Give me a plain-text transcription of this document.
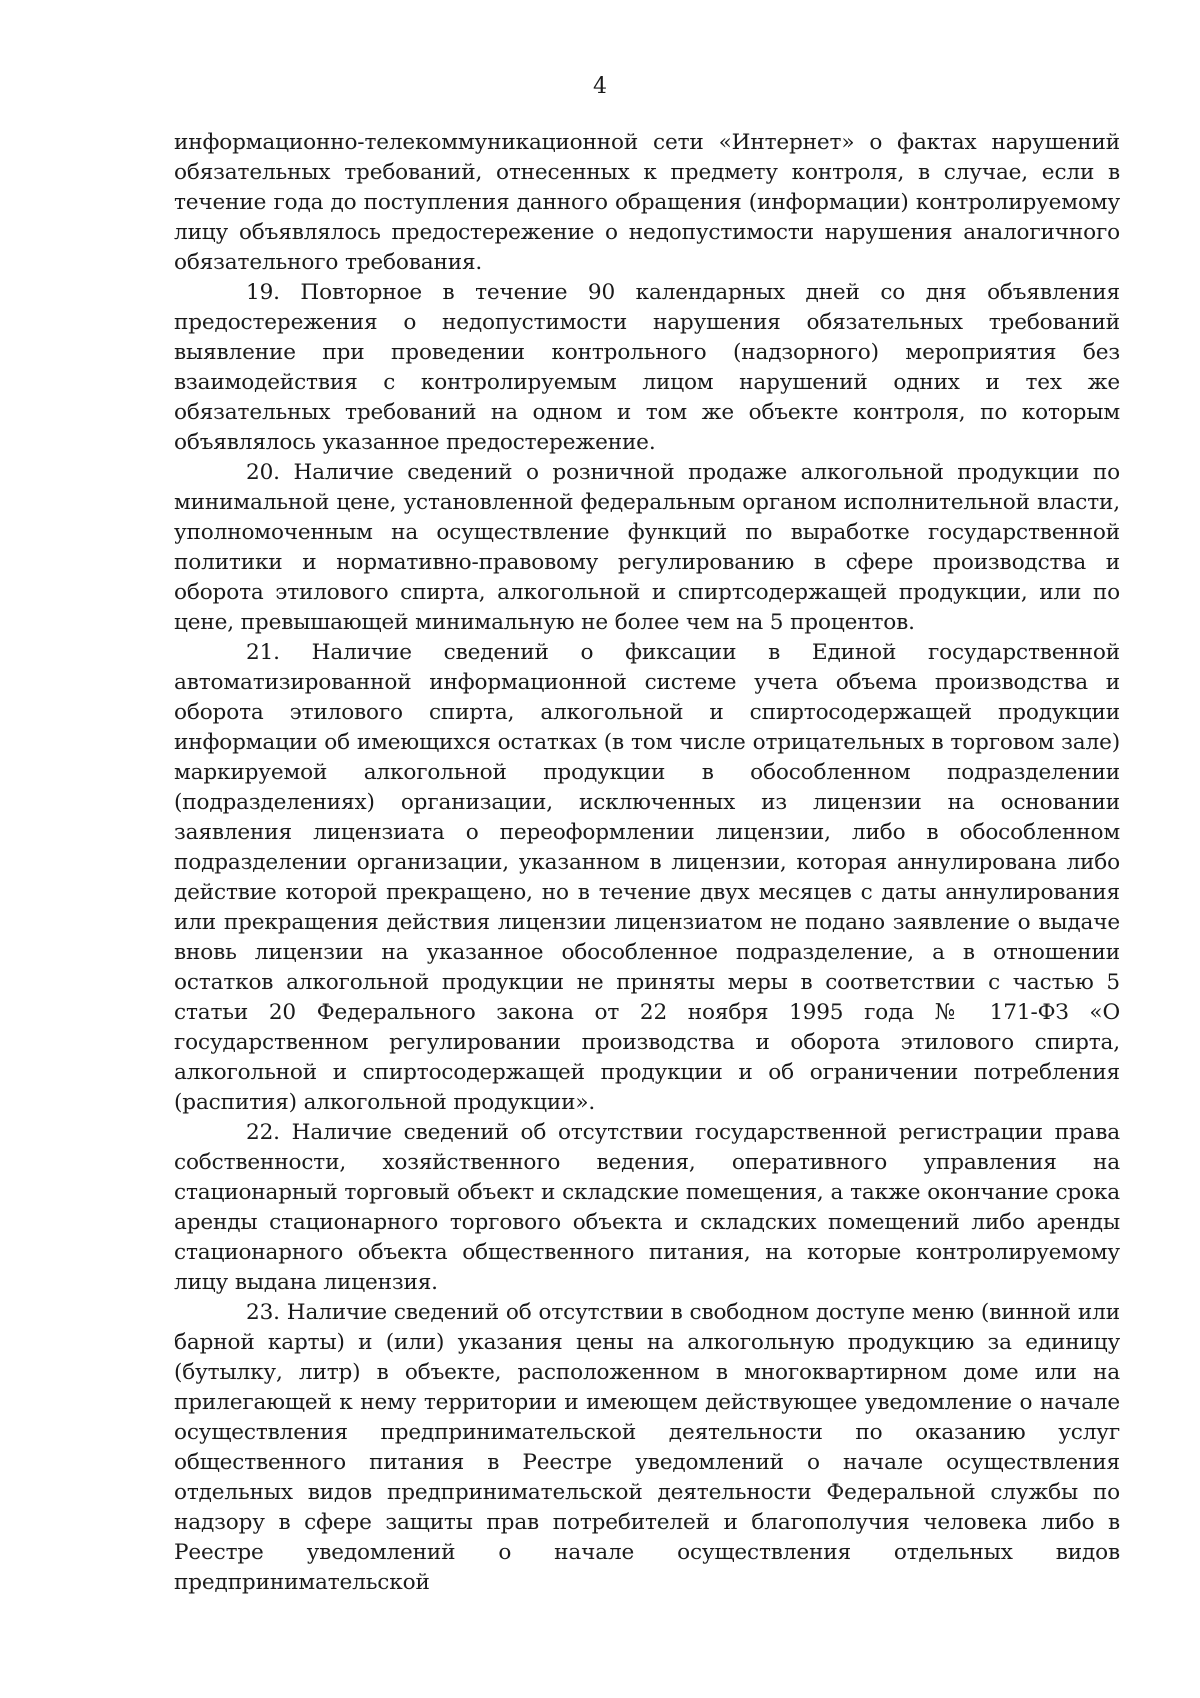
4

информационно-телекоммуникационной сети «Интернет» о фактах нарушений обязательных требований, отнесенных к предмету контроля, в случае, если в течение года до поступления данного обращения (информации) контролируемому лицу объявлялось предостережение о недопустимости нарушения аналогичного обязательного требования.

19. Повторное в течение 90 календарных дней со дня объявления предостережения о недопустимости нарушения обязательных требований выявление при проведении контрольного (надзорного) мероприятия без взаимодействия с контролируемым лицом нарушений одних и тех же обязательных требований на одном и том же объекте контроля, по которым объявлялось указанное предостережение.

20. Наличие сведений о розничной продаже алкогольной продукции по минимальной цене, установленной федеральным органом исполнительной власти, уполномоченным на осуществление функций по выработке государственной политики и нормативно-правовому регулированию в сфере производства и оборота этилового спирта, алкогольной и спиртсодержащей продукции, или по цене, превышающей минимальную не более чем на 5 процентов.

21. Наличие сведений о фиксации в Единой государственной автоматизированной информационной системе учета объема производства и оборота этилового спирта, алкогольной и спиртосодержащей продукции информации об имеющихся остатках (в том числе отрицательных в торговом зале) маркируемой алкогольной продукции в обособленном подразделении (подразделениях) организации, исключенных из лицензии на основании заявления лицензиата о переоформлении лицензии, либо в обособленном подразделении организации, указанном в лицензии, которая аннулирована либо действие которой прекращено, но в течение двух месяцев с даты аннулирования или прекращения действия лицензии лицензиатом не подано заявление о выдаче вновь лицензии на указанное обособленное подразделение, а в отношении остатков алкогольной продукции не приняты меры в соответствии с частью 5 статьи 20 Федерального закона от 22 ноября 1995 года № 171-ФЗ «О государственном регулировании производства и оборота этилового спирта, алкогольной и спиртосодержащей продукции и об ограничении потребления (распития) алкогольной продукции».

22. Наличие сведений об отсутствии государственной регистрации права собственности, хозяйственного ведения, оперативного управления на стационарный торговый объект и складские помещения, а также окончание срока аренды стационарного торгового объекта и складских помещений либо аренды стационарного объекта общественного питания, на которые контролируемому лицу выдана лицензия.

23. Наличие сведений об отсутствии в свободном доступе меню (винной или барной карты) и (или) указания цены на алкогольную продукцию за единицу (бутылку, литр) в объекте, расположенном в многоквартирном доме или на прилегающей к нему территории и имеющем действующее уведомление о начале осуществления предпринимательской деятельности по оказанию услуг общественного питания в Реестре уведомлений о начале осуществления отдельных видов предпринимательской деятельности Федеральной службы по надзору в сфере защиты прав потребителей и благополучия человека либо в Реестре уведомлений о начале осуществления отдельных видов предпринимательской
